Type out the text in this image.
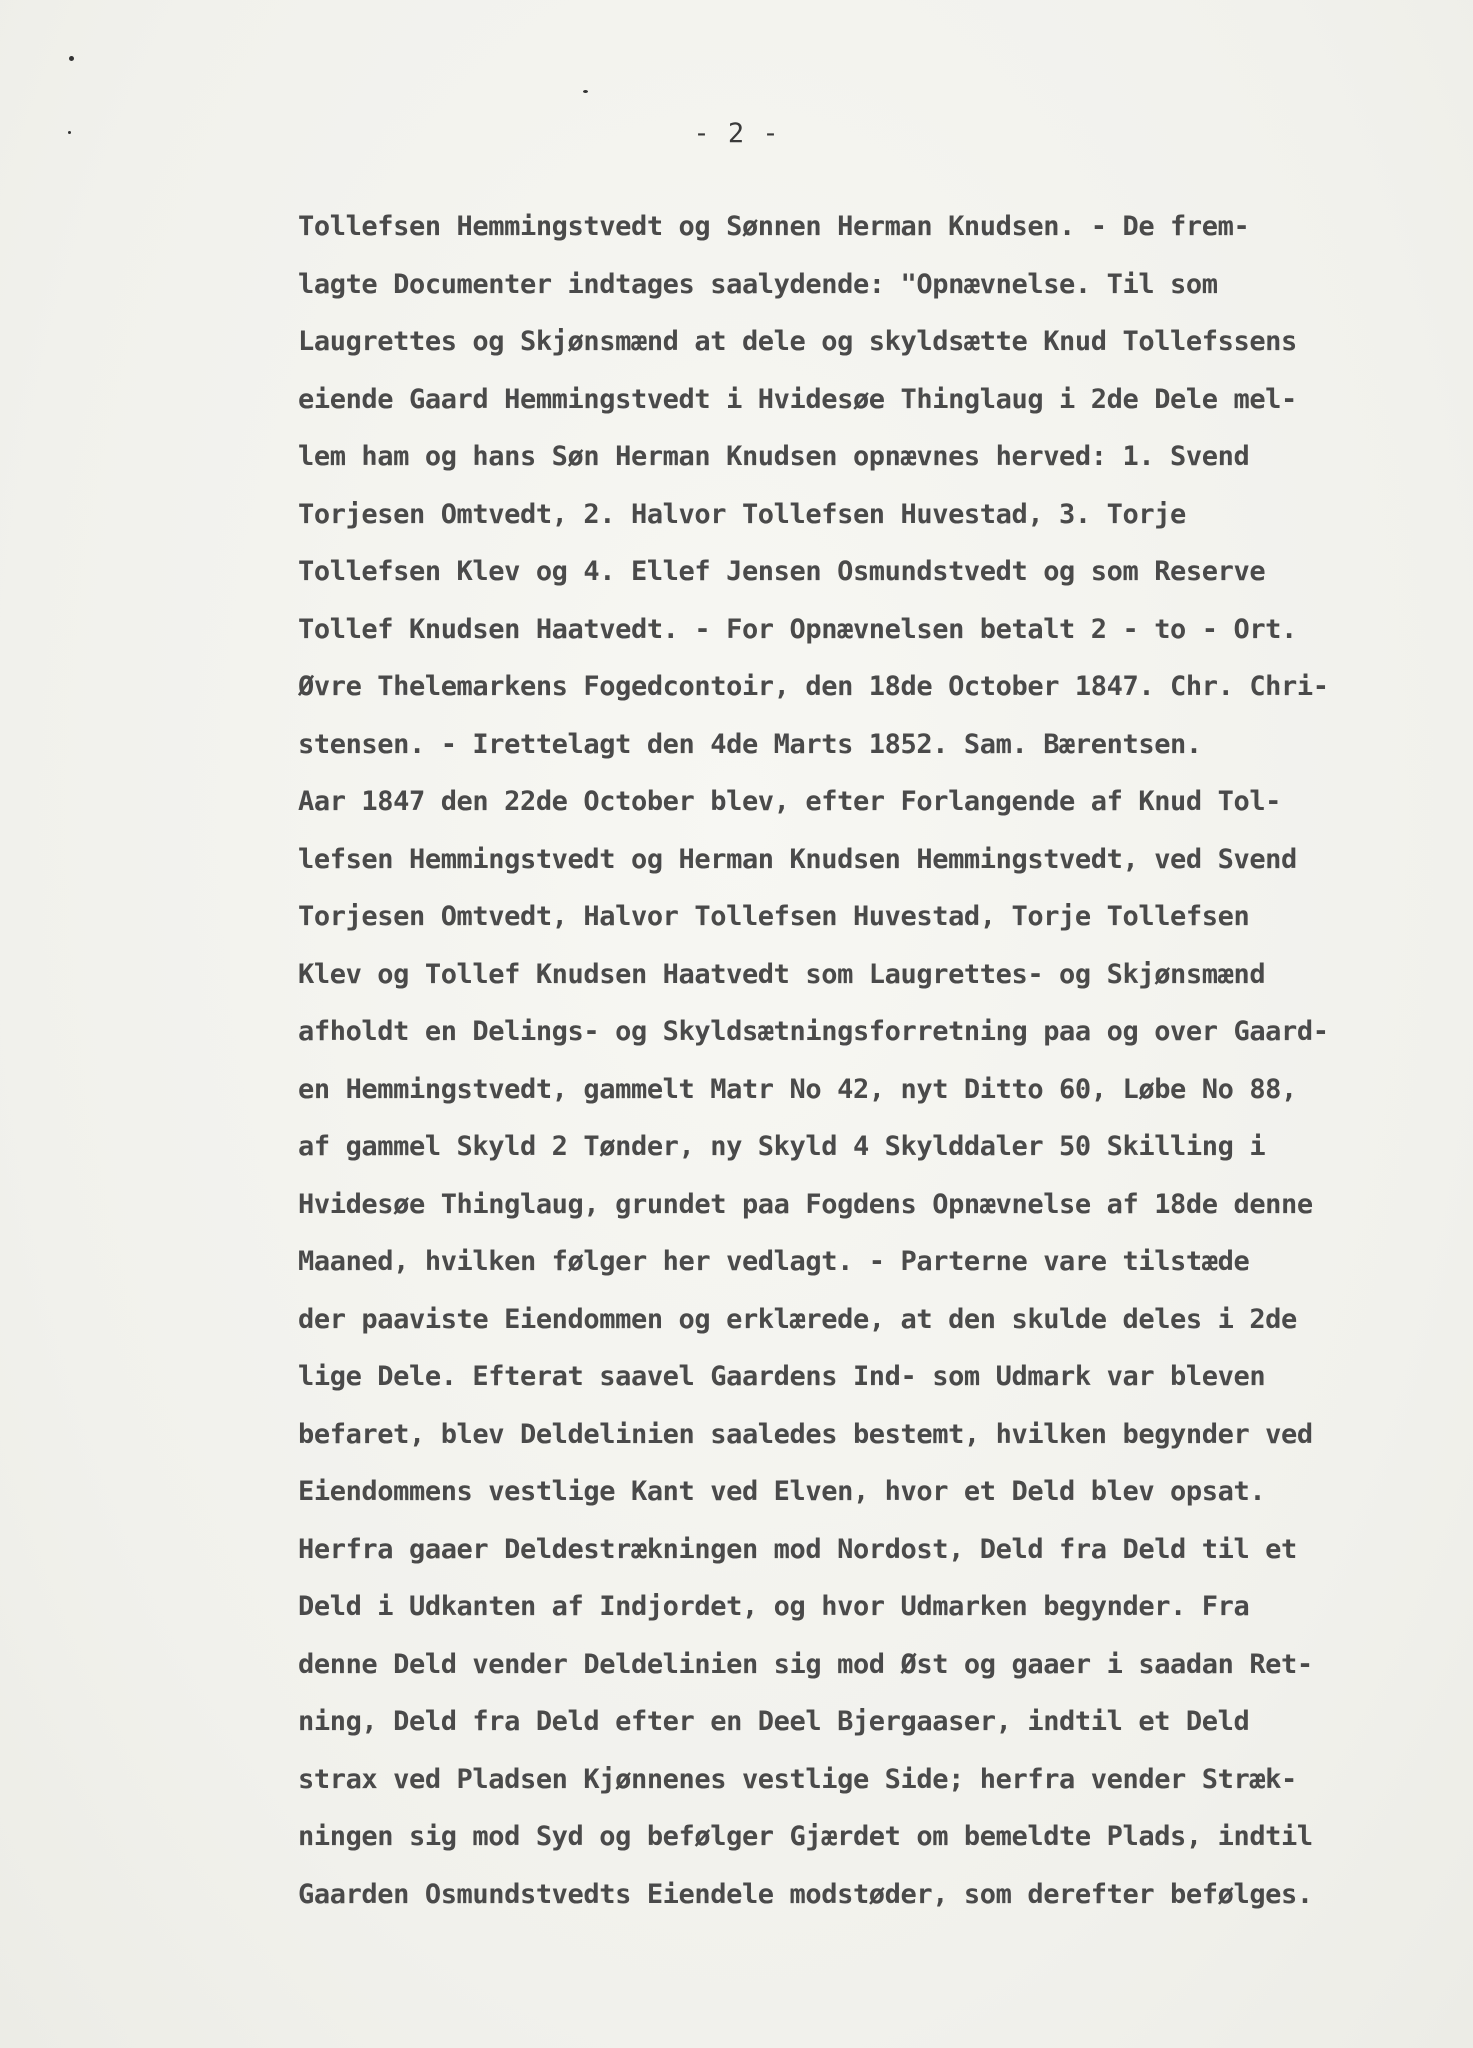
- 2 -
Tollefsen Hemmingstvedt og Sønnen Herman Knudsen. - De frem-
lagte Documenter indtages saalydende: "Opnævnelse. Til som
Laugrettes og Skjønsmænd at dele og skyldsætte Knud Tollefssens
eiende Gaard Hemmingstvedt i Hvidesøe Thinglaug i 2de Dele mel-
lem ham og hans Søn Herman Knudsen opnævnes herved: 1. Svend
Torjesen Omtvedt, 2. Halvor Tollefsen Huvestad, 3. Torje
Tollefsen Klev og 4. Ellef Jensen Osmundstvedt og som Reserve
Tollef Knudsen Haatvedt. - For Opnævnelsen betalt 2 - to - Ort.
Øvre Thelemarkens Fogedcontoir, den 18de October 1847. Chr. Chri-
stensen. - Irettelagt den 4de Marts 1852. Sam. Bærentsen.
Aar 1847 den 22de October blev, efter Forlangende af Knud Tol-
lefsen Hemmingstvedt og Herman Knudsen Hemmingstvedt, ved Svend
Torjesen Omtvedt, Halvor Tollefsen Huvestad, Torje Tollefsen
Klev og Tollef Knudsen Haatvedt som Laugrettes- og Skjønsmænd
afholdt en Delings- og Skyldsætningsforretning paa og over Gaard-
en Hemmingstvedt, gammelt Matr No 42, nyt Ditto 60, Løbe No 88,
af gammel Skyld 2 Tønder, ny Skyld 4 Skylddaler 50 Skilling i
Hvidesøe Thinglaug, grundet paa Fogdens Opnævnelse af 18de denne
Maaned, hvilken følger her vedlagt. - Parterne vare tilstæde
der paaviste Eiendommen og erklærede, at den skulde deles i 2de
lige Dele. Efterat saavel Gaardens Ind- som Udmark var bleven
befaret, blev Deldelinien saaledes bestemt, hvilken begynder ved
Eiendommens vestlige Kant ved Elven, hvor et Deld blev opsat.
Herfra gaaer Deldestrækningen mod Nordost, Deld fra Deld til et
Deld i Udkanten af Indjordet, og hvor Udmarken begynder. Fra
denne Deld vender Deldelinien sig mod Øst og gaaer i saadan Ret-
ning, Deld fra Deld efter en Deel Bjergaaser, indtil et Deld
strax ved Pladsen Kjønnenes vestlige Side; herfra vender Stræk-
ningen sig mod Syd og befølger Gjærdet om bemeldte Plads, indtil
Gaarden Osmundstvedts Eiendele modstøder, som derefter befølges.
